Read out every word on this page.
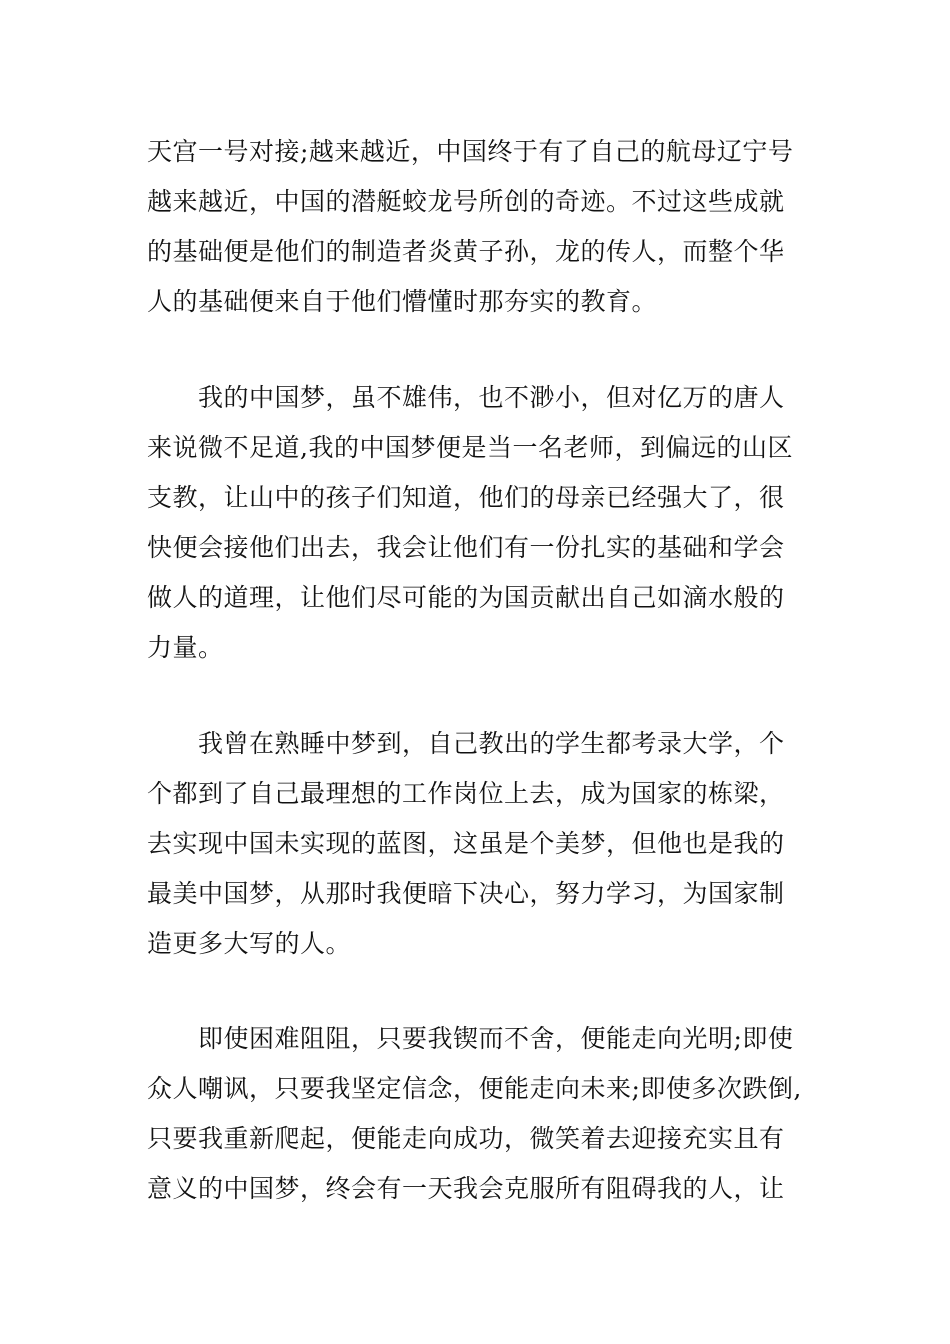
天宫一号对接;越来越近，中国终于有了自己的航母辽宁号
越来越近，中国的潜艇蛟龙号所创的奇迹。不过这些成就
的基础便是他们的制造者炎黄子孙，龙的传人，而整个华
人的基础便来自于他们懵懂时那夯实的教育。
　　我的中国梦，虽不雄伟，也不渺小，但对亿万的唐人
来说微不足道,我的中国梦便是当一名老师，到偏远的山区
支教，让山中的孩子们知道，他们的母亲已经强大了，很
快便会接他们出去，我会让他们有一份扎实的基础和学会
做人的道理，让他们尽可能的为国贡献出自己如滴水般的
力量。
　　我曾在熟睡中梦到，自己教出的学生都考录大学，个
个都到了自己最理想的工作岗位上去，成为国家的栋梁，
去实现中国未实现的蓝图，这虽是个美梦，但他也是我的
最美中国梦，从那时我便暗下决心，努力学习，为国家制
造更多大写的人。
　　即使困难阻阻，只要我锲而不舍，便能走向光明;即使
众人嘲讽，只要我坚定信念，便能走向未来;即使多次跌倒,
只要我重新爬起，便能走向成功，微笑着去迎接充实且有
意义的中国梦，终会有一天我会克服所有阻碍我的人，让
